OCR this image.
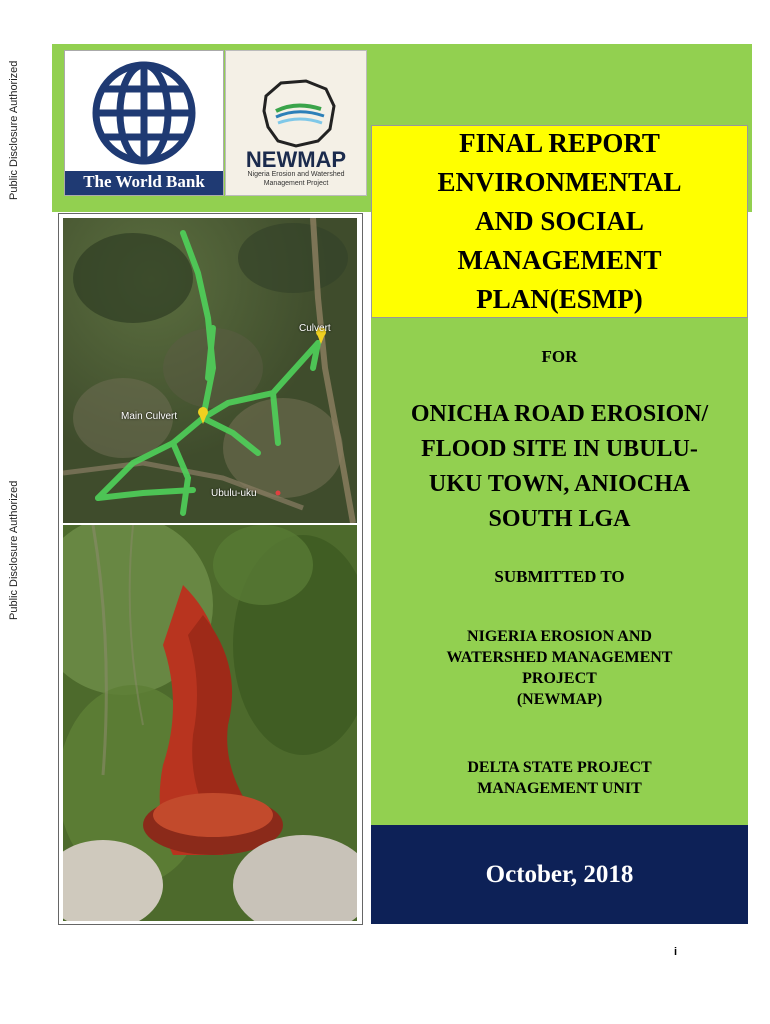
Public Disclosure Authorized
Public Disclosure Authorized
The World Bank
NEWMAP
Nigeria Erosion and Watershed
Management Project
FINAL REPORT
ENVIRONMENTAL
AND SOCIAL
MANAGEMENT
PLAN(ESMP)
FOR
ONICHA ROAD EROSION/
FLOOD SITE IN UBULU-
UKU TOWN, ANIOCHA
SOUTH LGA
SUBMITTED TO
NIGERIA EROSION AND
WATERSHED MANAGEMENT
PROJECT
(NEWMAP)
DELTA STATE PROJECT
MANAGEMENT UNIT
October, 2018
Culvert
Main Culvert
Ubulu-uku
i
